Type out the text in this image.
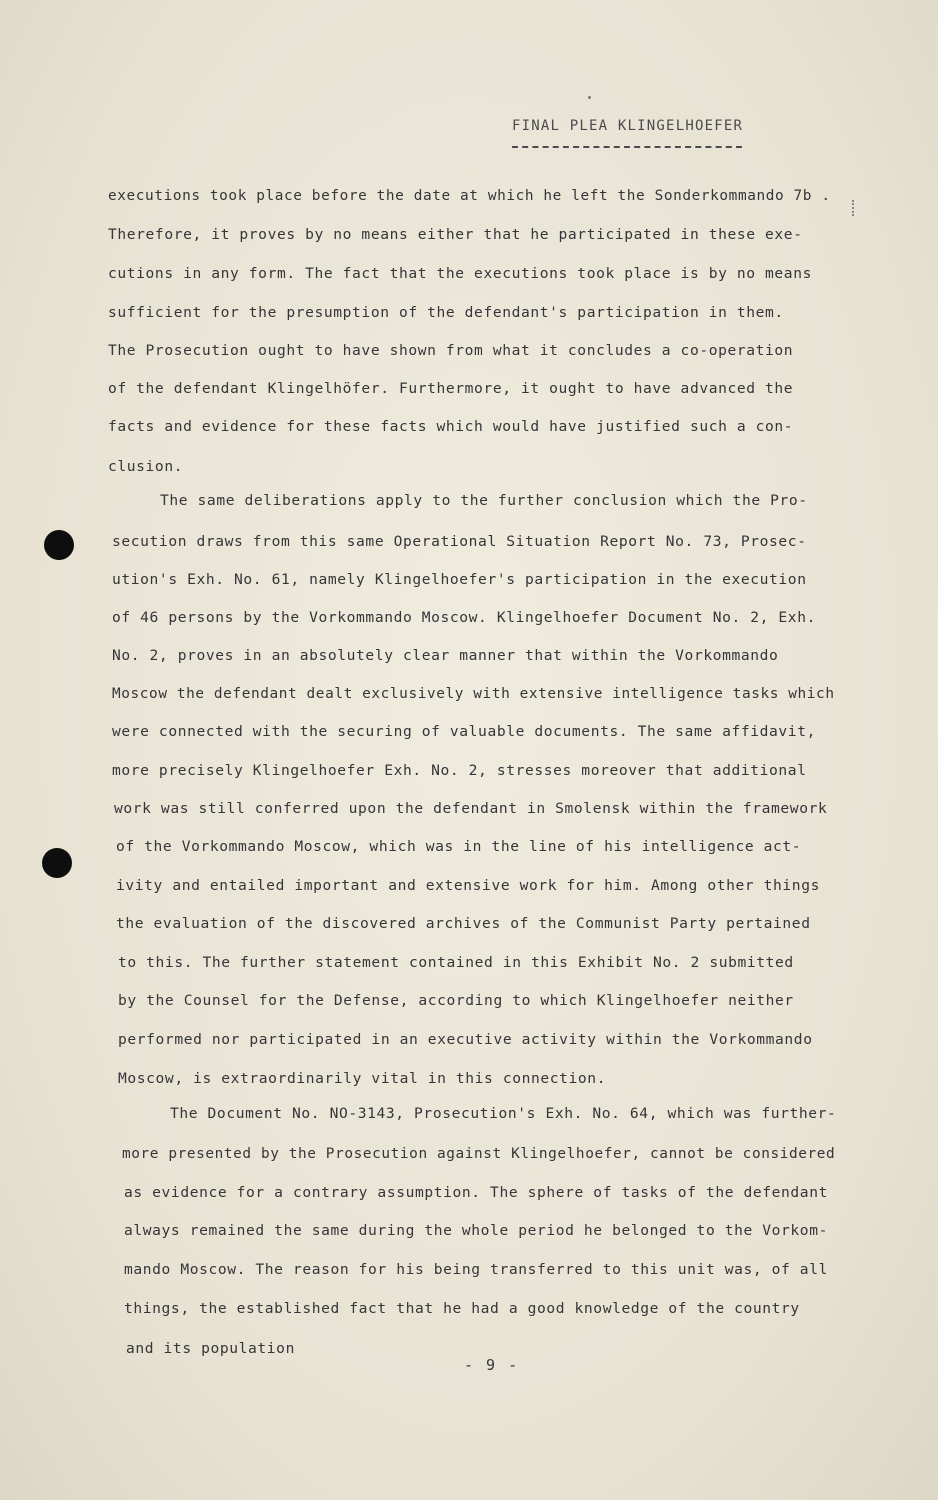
FINAL PLEA KLINGELHOEFER
executions took place before the date at which he left the Sonderkommando 7b .
Therefore, it proves by no means either that he participated in these exe-
cutions in any form. The fact that the executions took place is by no means
sufficient for the presumption of the defendant's participation in them.
The Prosecution ought to have shown from what it concludes a co-operation
of the defendant Klingelhöfer. Furthermore, it ought to have advanced the
facts and evidence for these facts which would have justified such a con-
clusion.
The same deliberations apply to the further conclusion which the Pro-
secution draws from this same Operational Situation Report No. 73, Prosec-
ution's Exh. No. 61, namely Klingelhoefer's participation in the execution
of 46 persons by the Vorkommando Moscow. Klingelhoefer Document No. 2, Exh.
No. 2, proves in an absolutely clear manner that within the Vorkommando
Moscow the defendant dealt exclusively with extensive intelligence tasks which
were connected with the securing of valuable documents. The same affidavit,
more precisely Klingelhoefer Exh. No. 2, stresses moreover that additional
work was still conferred upon the defendant in Smolensk within the framework
of the Vorkommando Moscow, which was in the line of his intelligence act-
ivity and entailed important and extensive work for him. Among other things
the evaluation of the discovered archives of the Communist Party pertained
to this. The further statement contained in this Exhibit No. 2 submitted
by the Counsel for the Defense, according to which Klingelhoefer neither
performed nor participated in an executive activity within the Vorkommando
Moscow, is extraordinarily vital in this connection.
The Document No. NO-3143, Prosecution's Exh. No. 64, which was further-
more presented by the Prosecution against Klingelhoefer, cannot be considered
as evidence for a contrary assumption. The sphere of tasks of the defendant
always remained the same during the whole period he belonged to the Vorkom-
mando Moscow. The reason for his being transferred to this unit was, of all
things, the established fact that he had a good knowledge of the country
and its population
- 9 -
